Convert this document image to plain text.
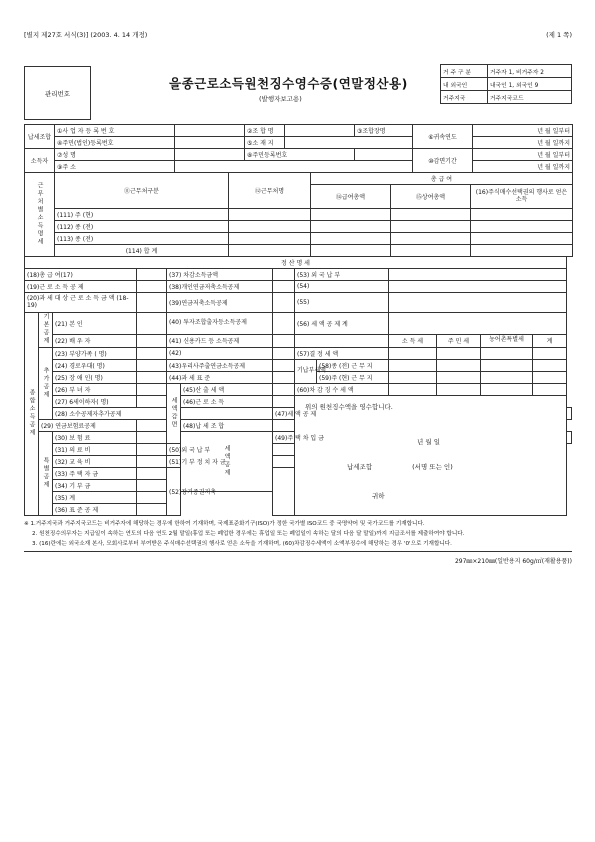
[별지 제27호 서식(3)] (2003. 4. 14 개정)	(제 1 쪽)
관리번호
을종근로소득원천징수영수증(연말정산용)
(발행자보고용)
거 주 구 분	거주자 1, 비거주자 2
내 외국인	내국인 1, 외국인 9
거주지국	거주지국코드
납세조합	①사 업 자 등 록 번 호		②조 합 명		③조합장명	⑥귀속연도	년 월 일부터
	④주민(법인)등록번호		⑤소 재 지				년 월 일까지
소득자	⑦성 명		⑧주민등록번호			⑩감면기간	년 월 일부터
	⑨주 소						년 월 일까지
근무처별소득명세	⑪근무처구분	⑫근무처명	총 급 여		
			⑭급여총액	⑮상여총액	(16)주식매수선택권의 행사로 얻은 소득
	(111) 주 (현)				
	(112) 종 (전)				
	(113) 종 (전)				
	(114) 합 계				
정 산 명 세													
(18)총 급 여(17)				(37) 차감소득금액			(53) 외 국 납 부						
(19)근 로 소 득 공 제				(38)개인연금저축소득공제			(54)						
(20)과 세 대 상 근 로 소 득 금 액 (18-19)				(39)연금저축소득공제			(55)						
종합소득공제	기본공제	(21) 본 인		(40) 투자조합출자등소득공제			(56) 세 액 공 제 계						
		(22) 배 우 자		(41) 신용카드 등 소득공제					소 득 세	주 민 세	농어촌특별세	계	
	추가공제	(23) 부양가족 ( 명)		(42)			(57)결 정 세 액						
		(24) 경로우대( 명)		(43)우리사주출연금소득공제			기납부세액	(58)종 (전) 근 무 지					
		(25) 장 애 인( 명)		(44)과 세 표 준				(59)주 (현) 근 무 지					
		(26) 부 녀 자		세액감면	(45)산 출 세 액		(60)차 감 징 수 세 액						
		(27) 6세이하자( 명)			(46)근 로 소 득		위의 원천징수액을 영수합니다.
년 월 일
납세조합 (서명 또는 인)
귀하						

		(28) 소수공제자추가공제				(47)세 액 공 제							
	(29) 연금보험료공제				(48)납 세 조 합								
	특별공제	(30) 보 험 료			세액공제	(49)주 택 차 입 금							
		(31) 의 료 비		(50)외 국 납 부									
		(32) 교 육 비		(51)기 부 정 치 자 금									
		(33) 주 택 자 금		(52)장기증권저축									
		(34) 기 부 금											
		(35) 계											
		(36) 표 준 공 제											
※ 1.거주지국과 거주지국코드는 비거주자에 해당하는 경우에 한하여 기재하며, 국제표준화기구(ISO)가 정한 국가별 ISO코드 중 국명약어 및 국가코드를 기재합니다.
2. 원천징수의무자는 지급일이 속하는 연도의 다음 연도 2월 말일(휴업 또는 폐업한 경우에는 휴업일 또는 폐업일이 속하는 달의 다음 달 말일)까지 지급조서를 제출하여야 합니다.
3. (16)란에는 외국소재 본사, 모회사로부터 부여받은 주식매수선택권의 행사로 얻은 소득을 기재하며, (60)차감징수세액이 소액부징수에 해당하는 경우 '0'으로 기재합니다.
297㎜×210㎜(일반용지 60g/㎡(재활용품))
